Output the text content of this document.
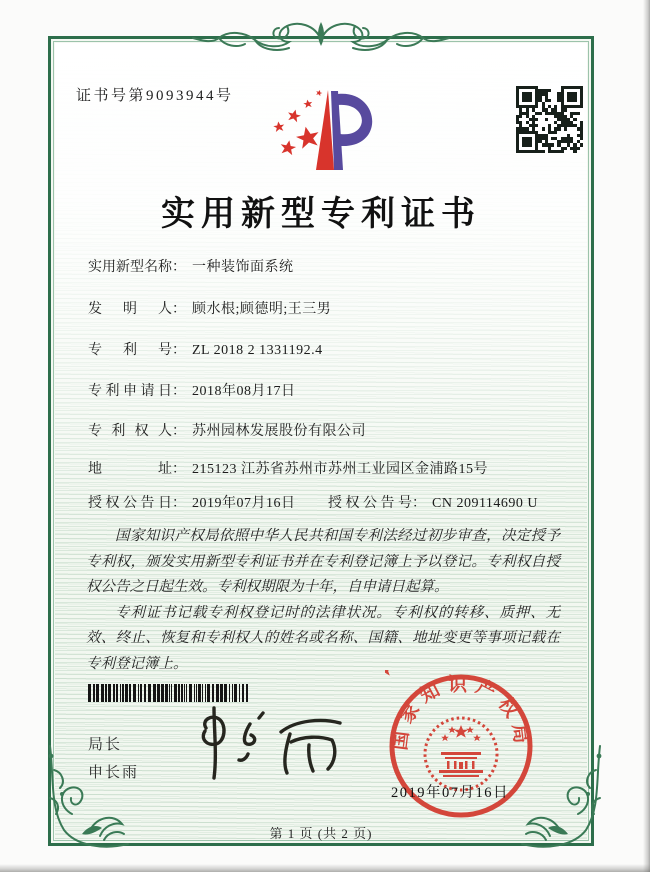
证书号第9093944号
实用新型专利证书
实用新型名称： 一种装饰面系统
发明人： 顾水根;顾德明;王三男
专利号： ZL 2018 2 1331192.4
专利申请日： 2018年08月17日
专利权人： 苏州园林发展股份有限公司
地址： 215123 江苏省苏州市苏州工业园区金浦路15号
授权公告日： 2019年07月16日 授权公告号： CN 209114690 U

国家知识产权局依照中华人民共和国专利法经过初步审查，决定授予专利权，颁发实用新型专利证书并在专利登记簿上予以登记。专利权自授权公告之日起生效。专利权期限为十年，自申请日起算。

专利证书记载专利权登记时的法律状况。专利权的转移、质押、无效、终止、恢复和专利权人的姓名或名称、国籍、地址变更等事项记载在专利登记簿上。

局长
申长雨
国家知识产权局
2019年07月16日
第 1 页 (共 2 页)
